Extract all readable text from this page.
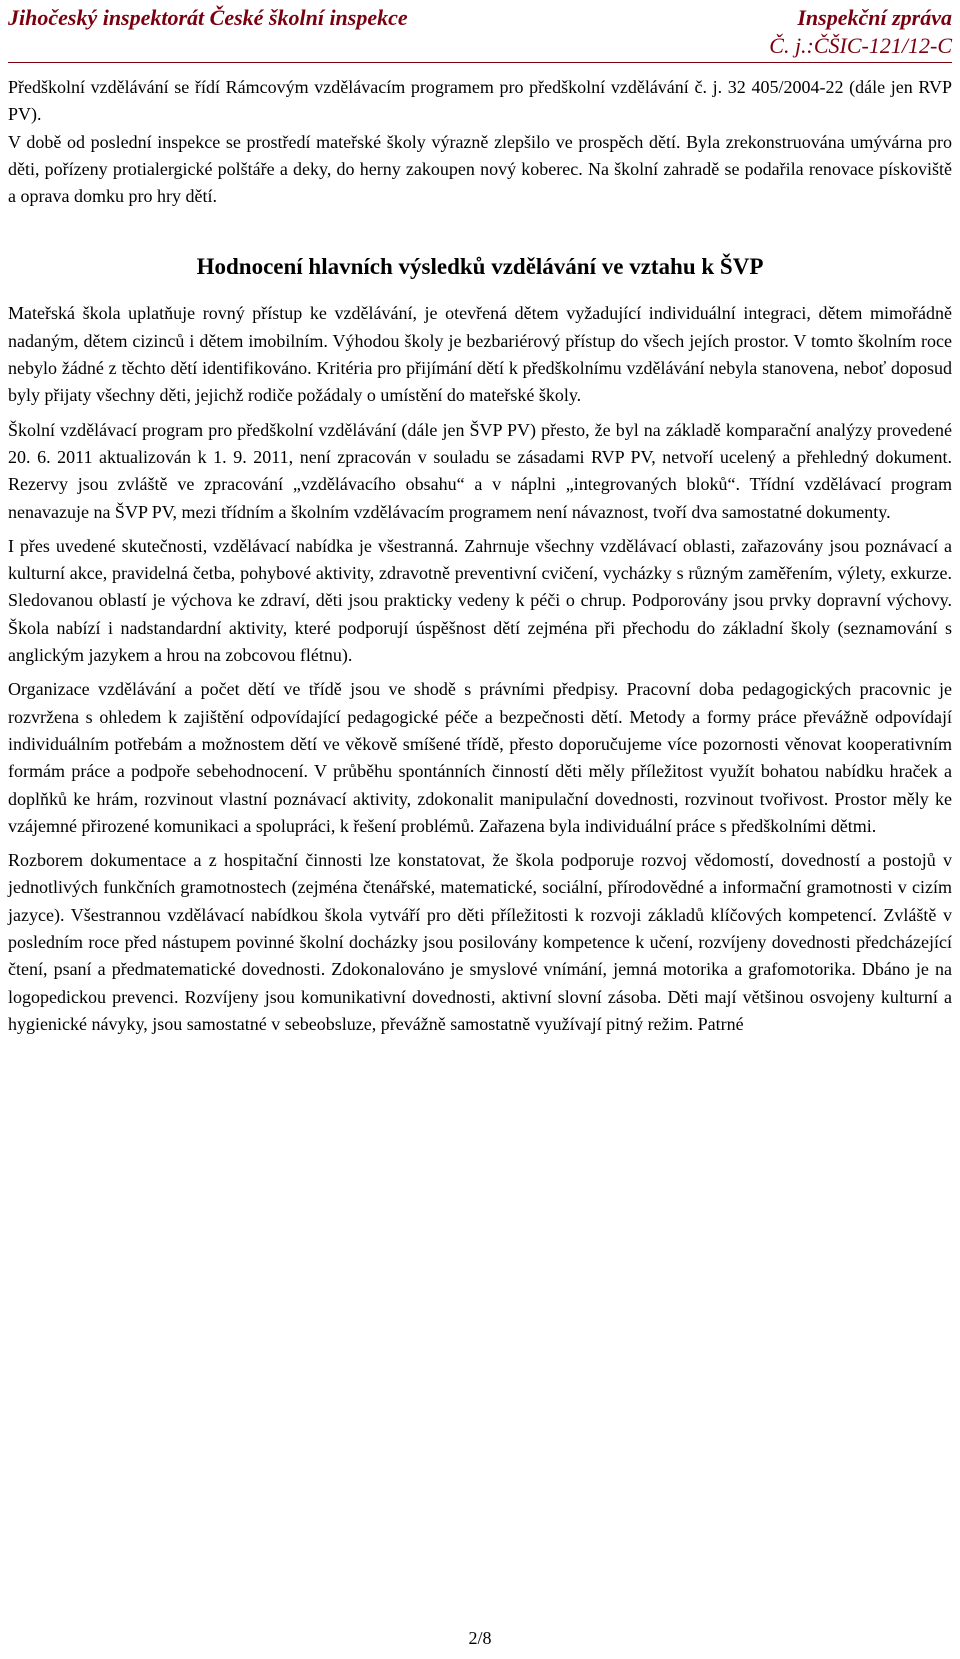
Jihočeský inspektorát České školní inspekce	Inspekční zpráva
Č. j.:ČŠIC-121/12-C

Předškolní vzdělávání se řídí Rámcovým vzdělávacím programem pro předškolní vzdělávání č. j. 32 405/2004-22 (dále jen RVP PV).

V době od poslední inspekce se prostředí mateřské školy výrazně zlepšilo ve prospěch dětí. Byla zrekonstruována umývárna pro děti, pořízeny protialergické polštáře a deky, do herny zakoupen nový koberec. Na školní zahradě se podařila renovace pískoviště a oprava domku pro hry dětí.

Hodnocení hlavních výsledků vzdělávání ve vztahu k ŠVP

Mateřská škola uplatňuje rovný přístup ke vzdělávání, je otevřená dětem vyžadující individuální integraci, dětem mimořádně nadaným, dětem cizinců i dětem imobilním. Výhodou školy je bezbariérový přístup do všech jejích prostor. V tomto školním roce nebylo žádné z těchto dětí identifikováno. Kritéria pro přijímání dětí k předškolnímu vzdělávání nebyla stanovena, neboť doposud byly přijaty všechny děti, jejichž rodiče požádaly o umístění do mateřské školy.

Školní vzdělávací program pro předškolní vzdělávání (dále jen ŠVP PV) přesto, že byl na základě komparační analýzy provedené 20. 6. 2011 aktualizován k 1. 9. 2011, není zpracován v souladu se zásadami RVP PV, netvoří ucelený a přehledný dokument. Rezervy jsou zvláště ve zpracování „vzdělávacího obsahu“ a v náplni „integrovaných bloků“. Třídní vzdělávací program nenavazuje na ŠVP PV, mezi třídním a školním vzdělávacím programem není návaznost, tvoří dva samostatné dokumenty.

I přes uvedené skutečnosti, vzdělávací nabídka je všestranná. Zahrnuje všechny vzdělávací oblasti, zařazovány jsou poznávací a kulturní akce, pravidelná četba, pohybové aktivity, zdravotně preventivní cvičení, vycházky s různým zaměřením, výlety, exkurze. Sledovanou oblastí je výchova ke zdraví, děti jsou prakticky vedeny k péči o chrup. Podporovány jsou prvky dopravní výchovy. Škola nabízí i nadstandardní aktivity, které podporují úspěšnost dětí zejména při přechodu do základní školy (seznamování s anglickým jazykem a hrou na zobcovou flétnu).

Organizace vzdělávání a počet dětí ve třídě jsou ve shodě s právními předpisy. Pracovní doba pedagogických pracovnic je rozvržena s ohledem k zajištění odpovídající pedagogické péče a bezpečnosti dětí. Metody a formy práce převážně odpovídají individuálním potřebám a možnostem dětí ve věkově smíšené třídě, přesto doporučujeme více pozornosti věnovat kooperativním formám práce a podpoře sebehodnocení. V průběhu spontánních činností děti měly příležitost využít bohatou nabídku hraček a doplňků ke hrám, rozvinout vlastní poznávací aktivity, zdokonalit manipulační dovednosti, rozvinout tvořivost. Prostor měly ke vzájemné přirozené komunikaci a spolupráci, k řešení problémů. Zařazena byla individuální práce s předškolními dětmi.

Rozborem dokumentace a z hospitační činnosti lze konstatovat, že škola podporuje rozvoj vědomostí, dovedností a postojů v jednotlivých funkčních gramotnostech (zejména čtenářské, matematické, sociální, přírodovědné a informační gramotnosti v cizím jazyce). Všestrannou vzdělávací nabídkou škola vytváří pro děti příležitosti k rozvoji základů klíčových kompetencí. Zvláště v posledním roce před nástupem povinné školní docházky jsou posilovány kompetence k učení, rozvíjeny dovednosti předcházející čtení, psaní a předmatematické dovednosti. Zdokonalováno je smyslové vnímání, jemná motorika a grafomotorika. Dbáno je na logopedickou prevenci. Rozvíjeny jsou komunikativní dovednosti, aktivní slovní zásoba. Děti mají většinou osvojeny kulturní a hygienické návyky, jsou samostatné v sebeobsluze, převážně samostatně využívají pitný režim. Patrné

2/8
